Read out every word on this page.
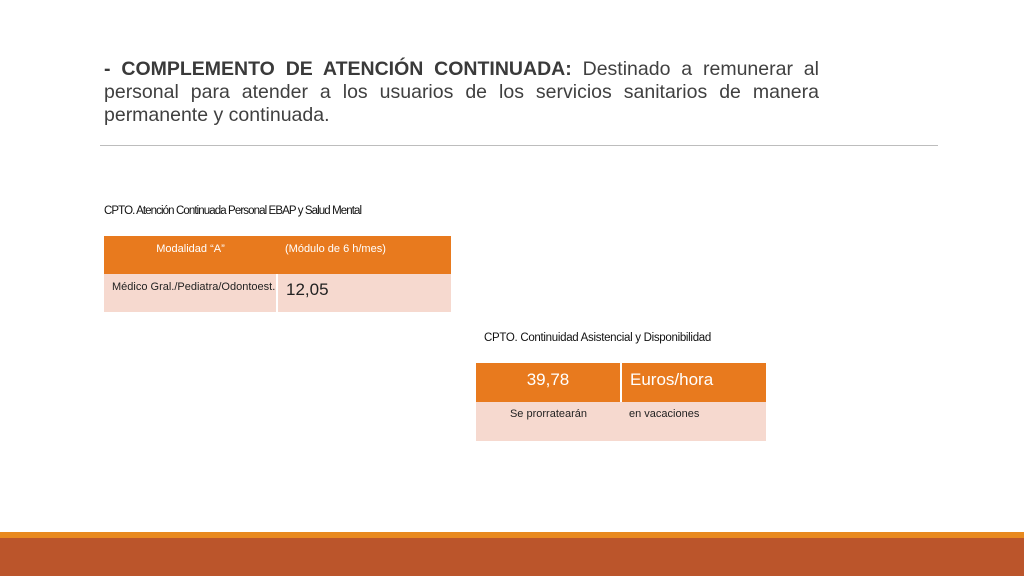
- COMPLEMENTO DE ATENCIÓN CONTINUADA: Destinado a remunerar al personal para atender a los usuarios de los servicios sanitarios de manera permanente y continuada.

CPTO. Atención Continuada Personal EBAP y Salud Mental
Modalidad “A”	(Módulo de 6 h/mes)
Médico Gral./Pediatra/Odontoest.	12,05
CPTO. Continuidad Asistencial y Disponibilidad
39,78	Euros/hora
Se prorratearán	en vacaciones
